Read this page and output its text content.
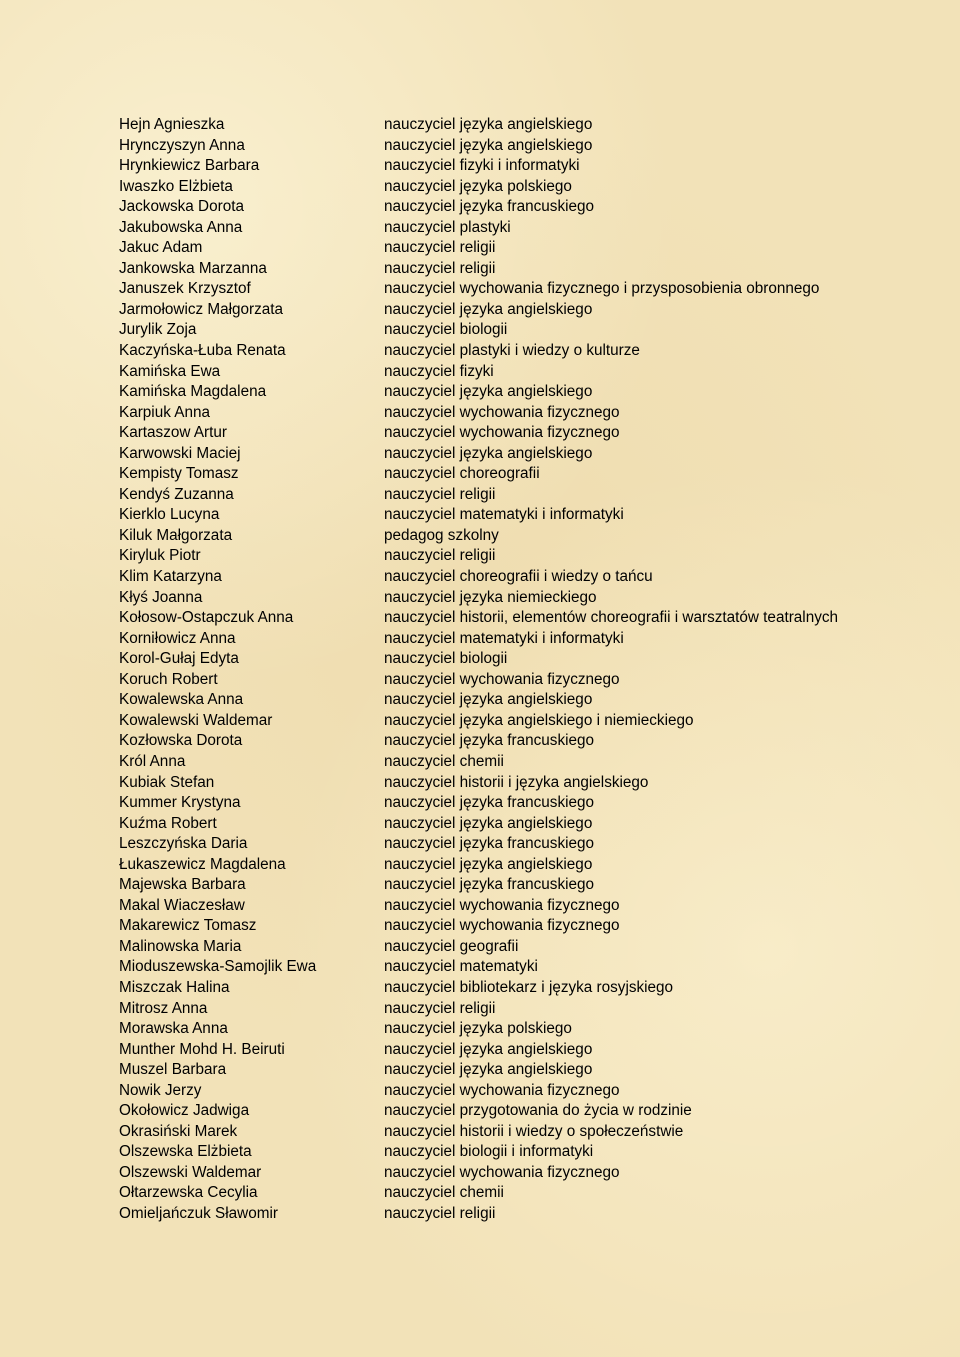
Hejn Agnieszka	nauczyciel języka angielskiego
Hrynczyszyn Anna	nauczyciel języka angielskiego
Hrynkiewicz Barbara	nauczyciel fizyki i informatyki
Iwaszko Elżbieta	nauczyciel języka polskiego
Jackowska Dorota	nauczyciel języka francuskiego
Jakubowska Anna	nauczyciel plastyki
Jakuc Adam	nauczyciel religii
Jankowska Marzanna	nauczyciel religii
Januszek Krzysztof	nauczyciel wychowania fizycznego i przysposobienia obronnego
Jarmołowicz Małgorzata	nauczyciel języka angielskiego
Jurylik Zoja	nauczyciel biologii
Kaczyńska-Łuba Renata	nauczyciel plastyki i wiedzy o kulturze
Kamińska Ewa	nauczyciel fizyki
Kamińska Magdalena	nauczyciel języka angielskiego
Karpiuk Anna	nauczyciel wychowania fizycznego
Kartaszow Artur	nauczyciel wychowania fizycznego
Karwowski Maciej	nauczyciel języka angielskiego
Kempisty Tomasz	nauczyciel choreografii
Kendyś Zuzanna	nauczyciel religii
Kierklo Lucyna	nauczyciel matematyki i informatyki
Kiluk Małgorzata	pedagog szkolny
Kiryluk Piotr	nauczyciel religii
Klim Katarzyna	nauczyciel choreografii i wiedzy o tańcu
Kłyś Joanna	nauczyciel języka niemieckiego
Kołosow-Ostapczuk Anna	nauczyciel historii, elementów choreografii i warsztatów teatralnych
Korniłowicz Anna	nauczyciel matematyki i informatyki
Korol-Gułaj Edyta	nauczyciel biologii
Koruch Robert	nauczyciel wychowania fizycznego
Kowalewska Anna	nauczyciel języka angielskiego
Kowalewski Waldemar	nauczyciel języka angielskiego i niemieckiego
Kozłowska Dorota	nauczyciel języka francuskiego
Król Anna	nauczyciel chemii
Kubiak Stefan	nauczyciel historii i języka angielskiego
Kummer Krystyna	nauczyciel języka francuskiego
Kuźma Robert	nauczyciel języka angielskiego
Leszczyńska Daria	nauczyciel języka francuskiego
Łukaszewicz Magdalena	nauczyciel języka angielskiego
Majewska Barbara	nauczyciel języka francuskiego
Makal Wiaczesław	nauczyciel wychowania fizycznego
Makarewicz Tomasz	nauczyciel wychowania fizycznego
Malinowska Maria	nauczyciel geografii
Mioduszewska-Samojlik Ewa	nauczyciel matematyki
Miszczak Halina	nauczyciel bibliotekarz i języka rosyjskiego
Mitrosz Anna	nauczyciel religii
Morawska Anna	nauczyciel języka polskiego
Munther Mohd H. Beiruti	nauczyciel języka angielskiego
Muszel Barbara	nauczyciel języka angielskiego
Nowik Jerzy	nauczyciel wychowania fizycznego
Okołowicz Jadwiga	nauczyciel przygotowania do życia w rodzinie
Okrasiński Marek	nauczyciel historii i wiedzy o społeczeństwie
Olszewska Elżbieta	nauczyciel biologii i informatyki
Olszewski Waldemar	nauczyciel wychowania fizycznego
Ołtarzewska Cecylia	nauczyciel chemii
Omieljańczuk Sławomir	nauczyciel religii
